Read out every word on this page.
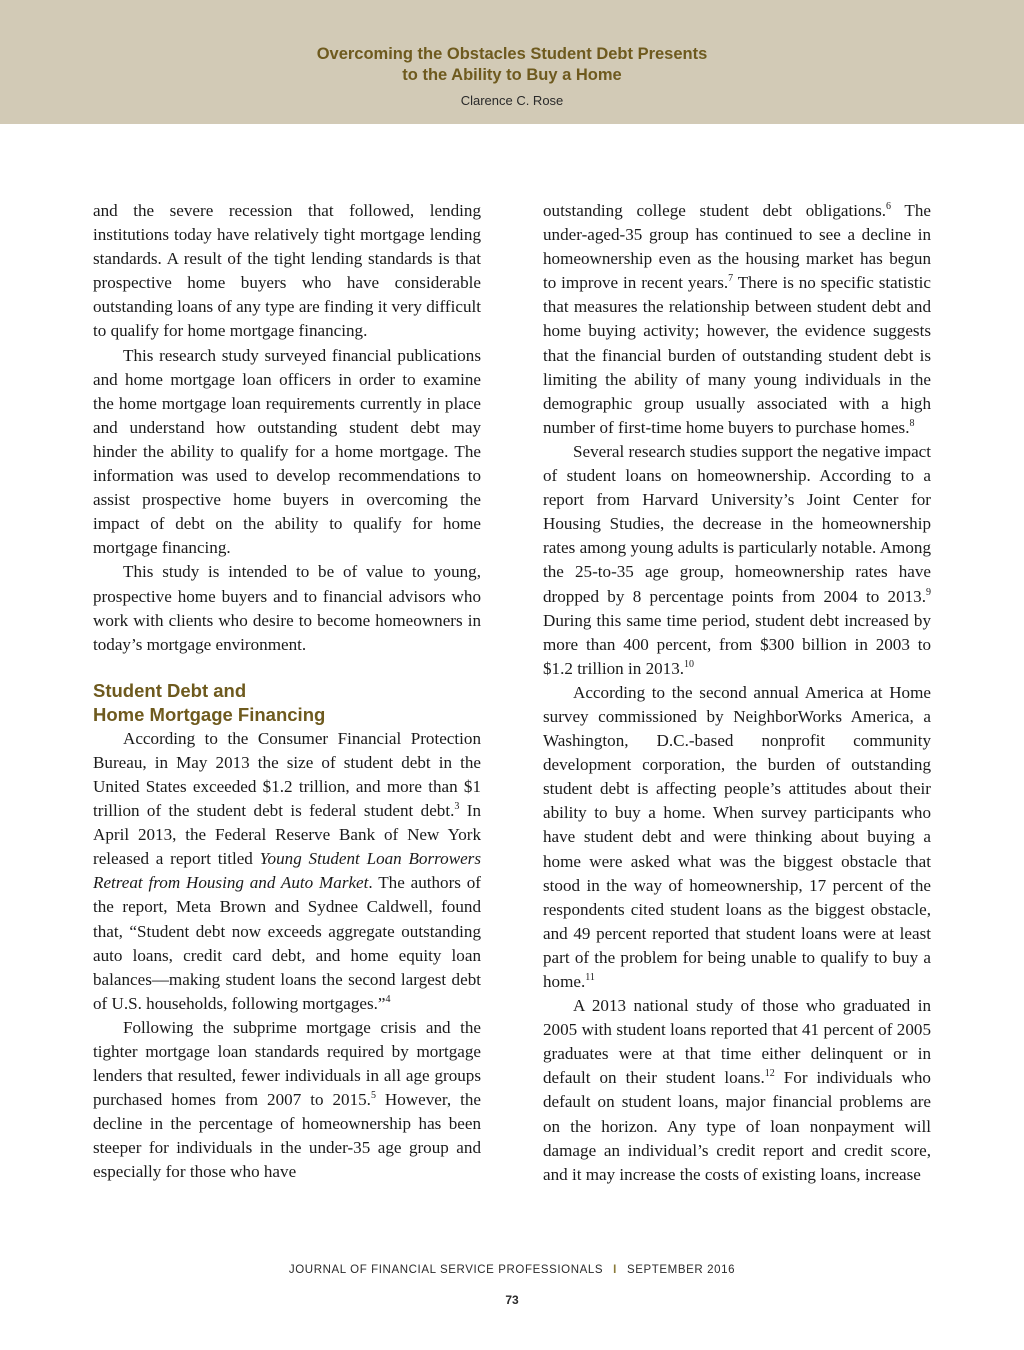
Overcoming the Obstacles Student Debt Presents
to the Ability to Buy a Home
Clarence C. Rose

and the severe recession that followed, lending institutions today have relatively tight mortgage lending standards. A result of the tight lending standards is that prospective home buyers who have considerable outstanding loans of any type are finding it very difficult to qualify for home mortgage financing.

This research study surveyed financial publications and home mortgage loan officers in order to examine the home mortgage loan requirements currently in place and understand how outstanding student debt may hinder the ability to qualify for a home mortgage. The information was used to develop recommendations to assist prospective home buyers in overcoming the impact of debt on the ability to qualify for home mortgage financing.

This study is intended to be of value to young, prospective home buyers and to financial advisors who work with clients who desire to become homeowners in today’s mortgage environment.

Student Debt and
Home Mortgage Financing

According to the Consumer Financial Protection Bureau, in May 2013 the size of student debt in the United States exceeded $1.2 trillion, and more than $1 trillion of the student debt is federal student debt.$^3$ In April 2013, the Federal Reserve Bank of New York released a report titled Young Student Loan Borrowers Retreat from Housing and Auto Market. The authors of the report, Meta Brown and Sydnee Caldwell, found that, “Student debt now exceeds aggregate outstanding auto loans, credit card debt, and home equity loan balances—making student loans the second largest debt of U.S. households, following mortgages.”$^4$

Following the subprime mortgage crisis and the tighter mortgage loan standards required by mortgage lenders that resulted, fewer individuals in all age groups purchased homes from 2007 to 2015.$^5$ However, the decline in the percentage of homeownership has been steeper for individuals in the under-35 age group and especially for those who have

outstanding college student debt obligations.$^6$ The under-aged-35 group has continued to see a decline in homeownership even as the housing market has begun to improve in recent years.$^7$ There is no specific statistic that measures the relationship between student debt and home buying activity; however, the evidence suggests that the financial burden of outstanding student debt is limiting the ability of many young individuals in the demographic group usually associated with a high number of first-time home buyers to purchase homes.$^8$

Several research studies support the negative impact of student loans on homeownership. According to a report from Harvard University’s Joint Center for Housing Studies, the decrease in the homeownership rates among young adults is particularly notable. Among the 25-to-35 age group, homeownership rates have dropped by 8 percentage points from 2004 to 2013.$^9$ During this same time period, student debt increased by more than 400 percent, from $300 billion in 2003 to $1.2 trillion in 2013.10

According to the second annual America at Home survey commissioned by NeighborWorks America, a Washington, D.C.-based nonprofit community development corporation, the burden of outstanding student debt is affecting people’s attitudes about their ability to buy a home. When survey participants who have student debt and were thinking about buying a home were asked what was the biggest obstacle that stood in the way of homeownership, 17 percent of the respondents cited student loans as the biggest obstacle, and 49 percent reported that student loans were at least part of the problem for being unable to qualify to buy a home.$^{11}$

A 2013 national study of those who graduated in 2005 with student loans reported that 41 percent of 2005 graduates were at that time either delinquent or in default on their student loans.$^{12}$ For individuals who default on student loans, major financial problems are on the horizon. Any type of loan nonpayment will damage an individual’s credit report and credit score, and it may increase the costs of existing loans, increase

JOURNAL OF FINANCIAL SERVICE PROFESSIONALS I SEPTEMBER 2016
73
